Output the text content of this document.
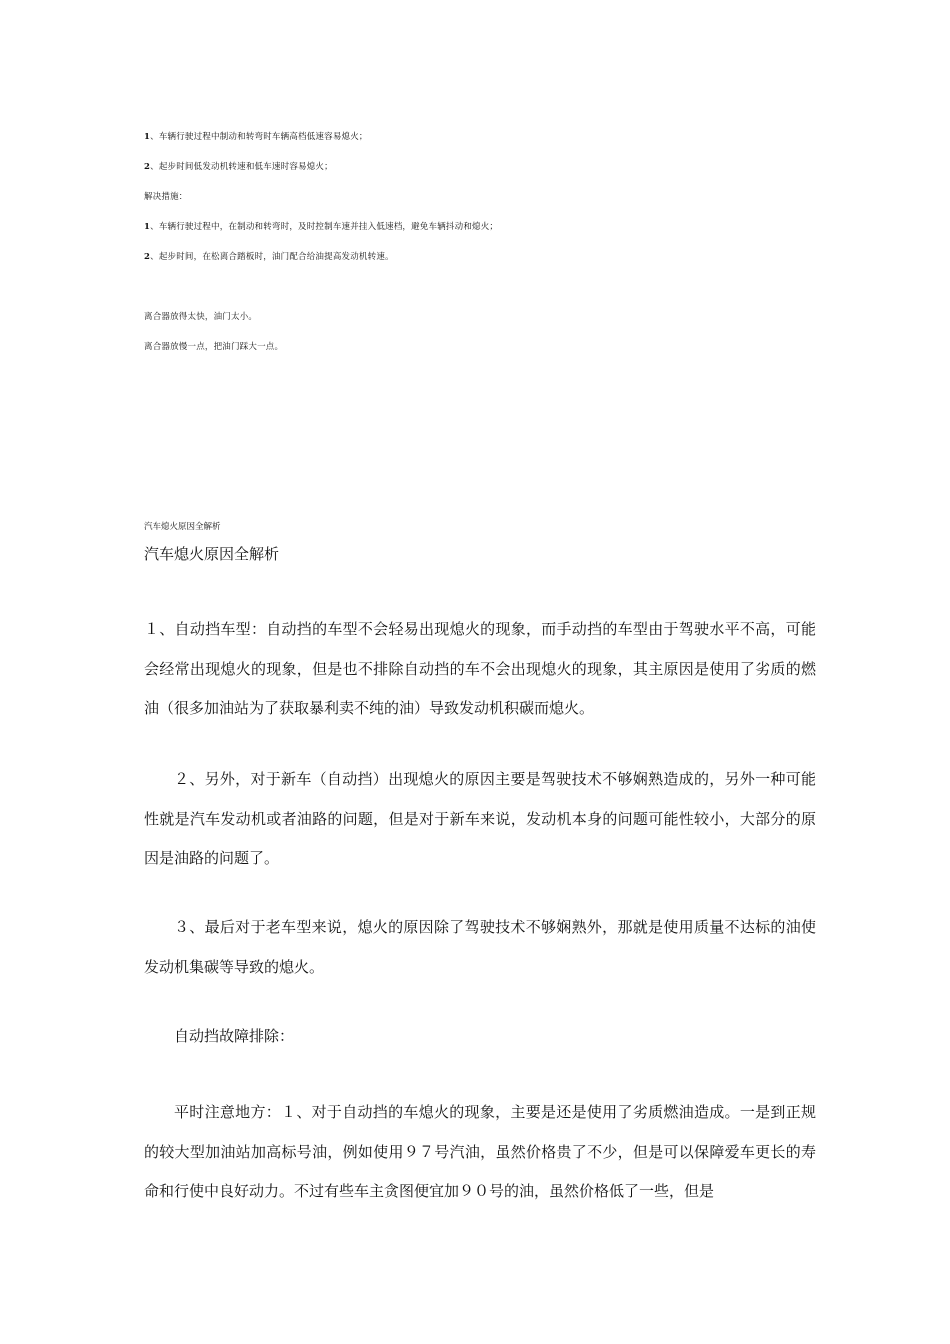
1、车辆行驶过程中制动和转弯时车辆高档低速容易熄火；
2、起步时间低发动机转速和低车速时容易熄火；
解决措施：
1、车辆行驶过程中，在制动和转弯时，及时控制车速并挂入低速档，避免车辆抖动和熄火；
2、起步时间，在松离合踏板时，油门配合给油提高发动机转速。
离合器放得太快，油门太小。
离合器放慢一点，把油门踩大一点。
汽车熄火原因全解析
汽车熄火原因全解析
１、自动挡车型：自动挡的车型不会轻易出现熄火的现象，而手动挡的车型由于驾驶水平不高，可能会经常出现熄火的现象，但是也不排除自动挡的车不会出现熄火的现象，其主原因是使用了劣质的燃油（很多加油站为了获取暴利卖不纯的油）导致发动机积碳而熄火。
２、另外，对于新车（自动挡）出现熄火的原因主要是驾驶技术不够娴熟造成的，另外一种可能性就是汽车发动机或者油路的问题，但是对于新车来说，发动机本身的问题可能性较小，大部分的原因是油路的问题了。
３、最后对于老车型来说，熄火的原因除了驾驶技术不够娴熟外，那就是使用质量不达标的油使发动机集碳等导致的熄火。
自动挡故障排除：
平时注意地方：１、对于自动挡的车熄火的现象，主要是还是使用了劣质燃油造成。一是到正规的较大型加油站加高标号油，例如使用９７号汽油，虽然价格贵了不少，但是可以保障爱车更长的寿命和行使中良好动力。不过有些车主贪图便宜加９０号的油，虽然价格低了一些，但是
